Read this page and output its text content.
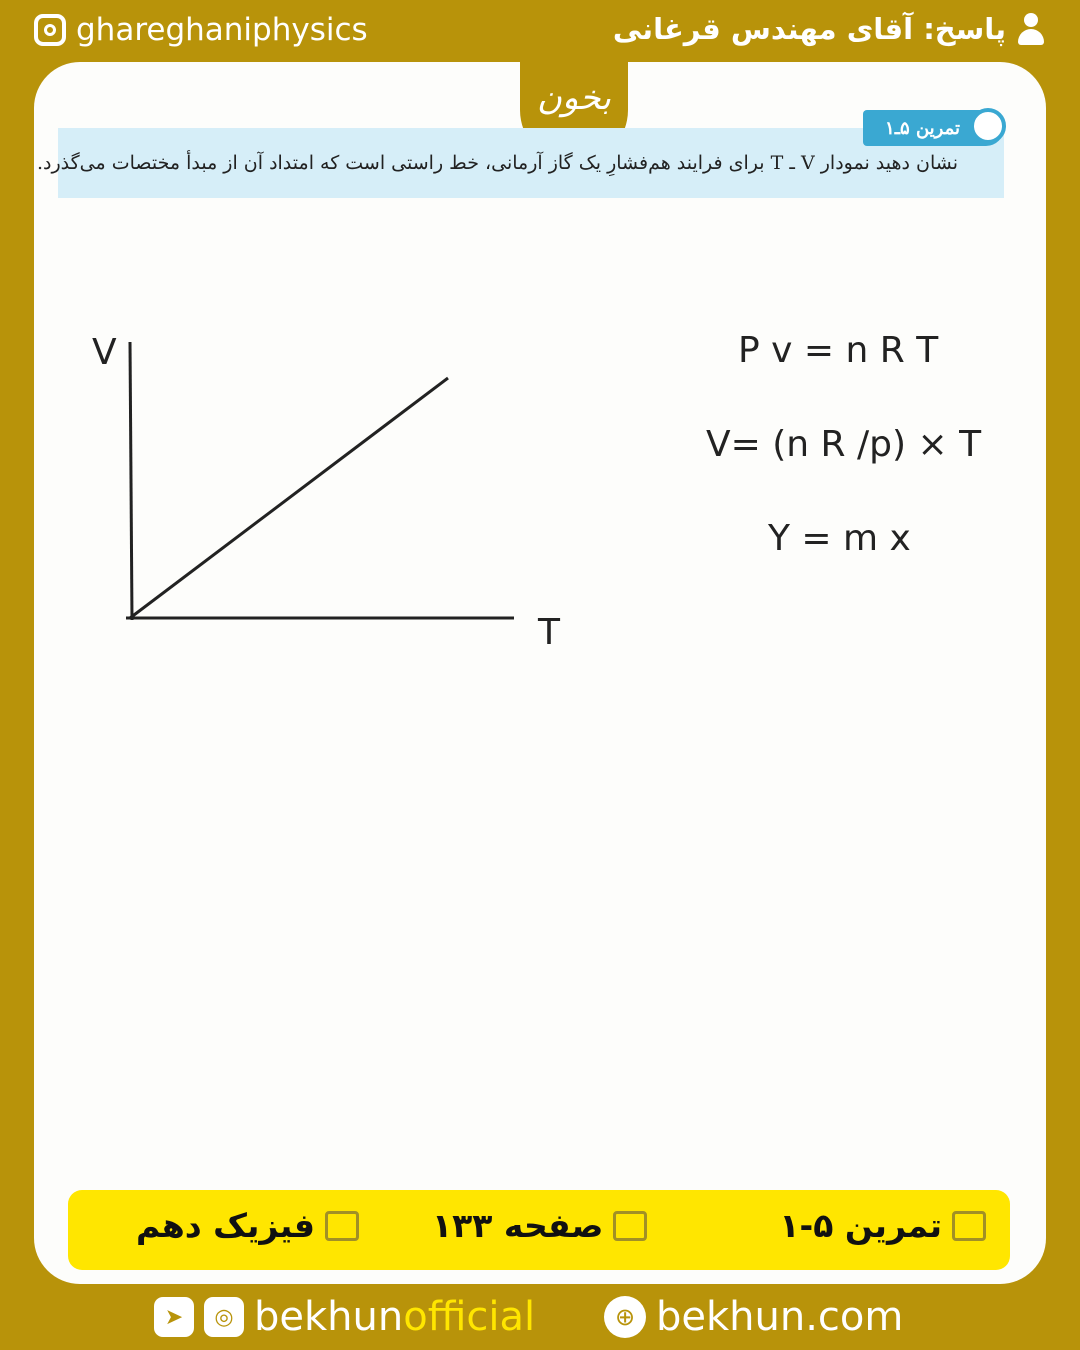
ghareghaniphysics	پاسخ: آقای مهندس قرغانی
بخون
تمرین ۵ـ۱
نشان دهید نمودار V ـ T برای فرایند هم‌فشارِ یک گاز آرمانی، خط راستی است که امتداد آن از مبدأ مختصات می‌گذرد.
V
T
P v = n R T
V= (n R /p) × T
Y = m x
تمرین ۵-۱
صفحه ۱۳۳
فیزیک دهم
➤	◎ bekhun official	⊕ bekhun.com
